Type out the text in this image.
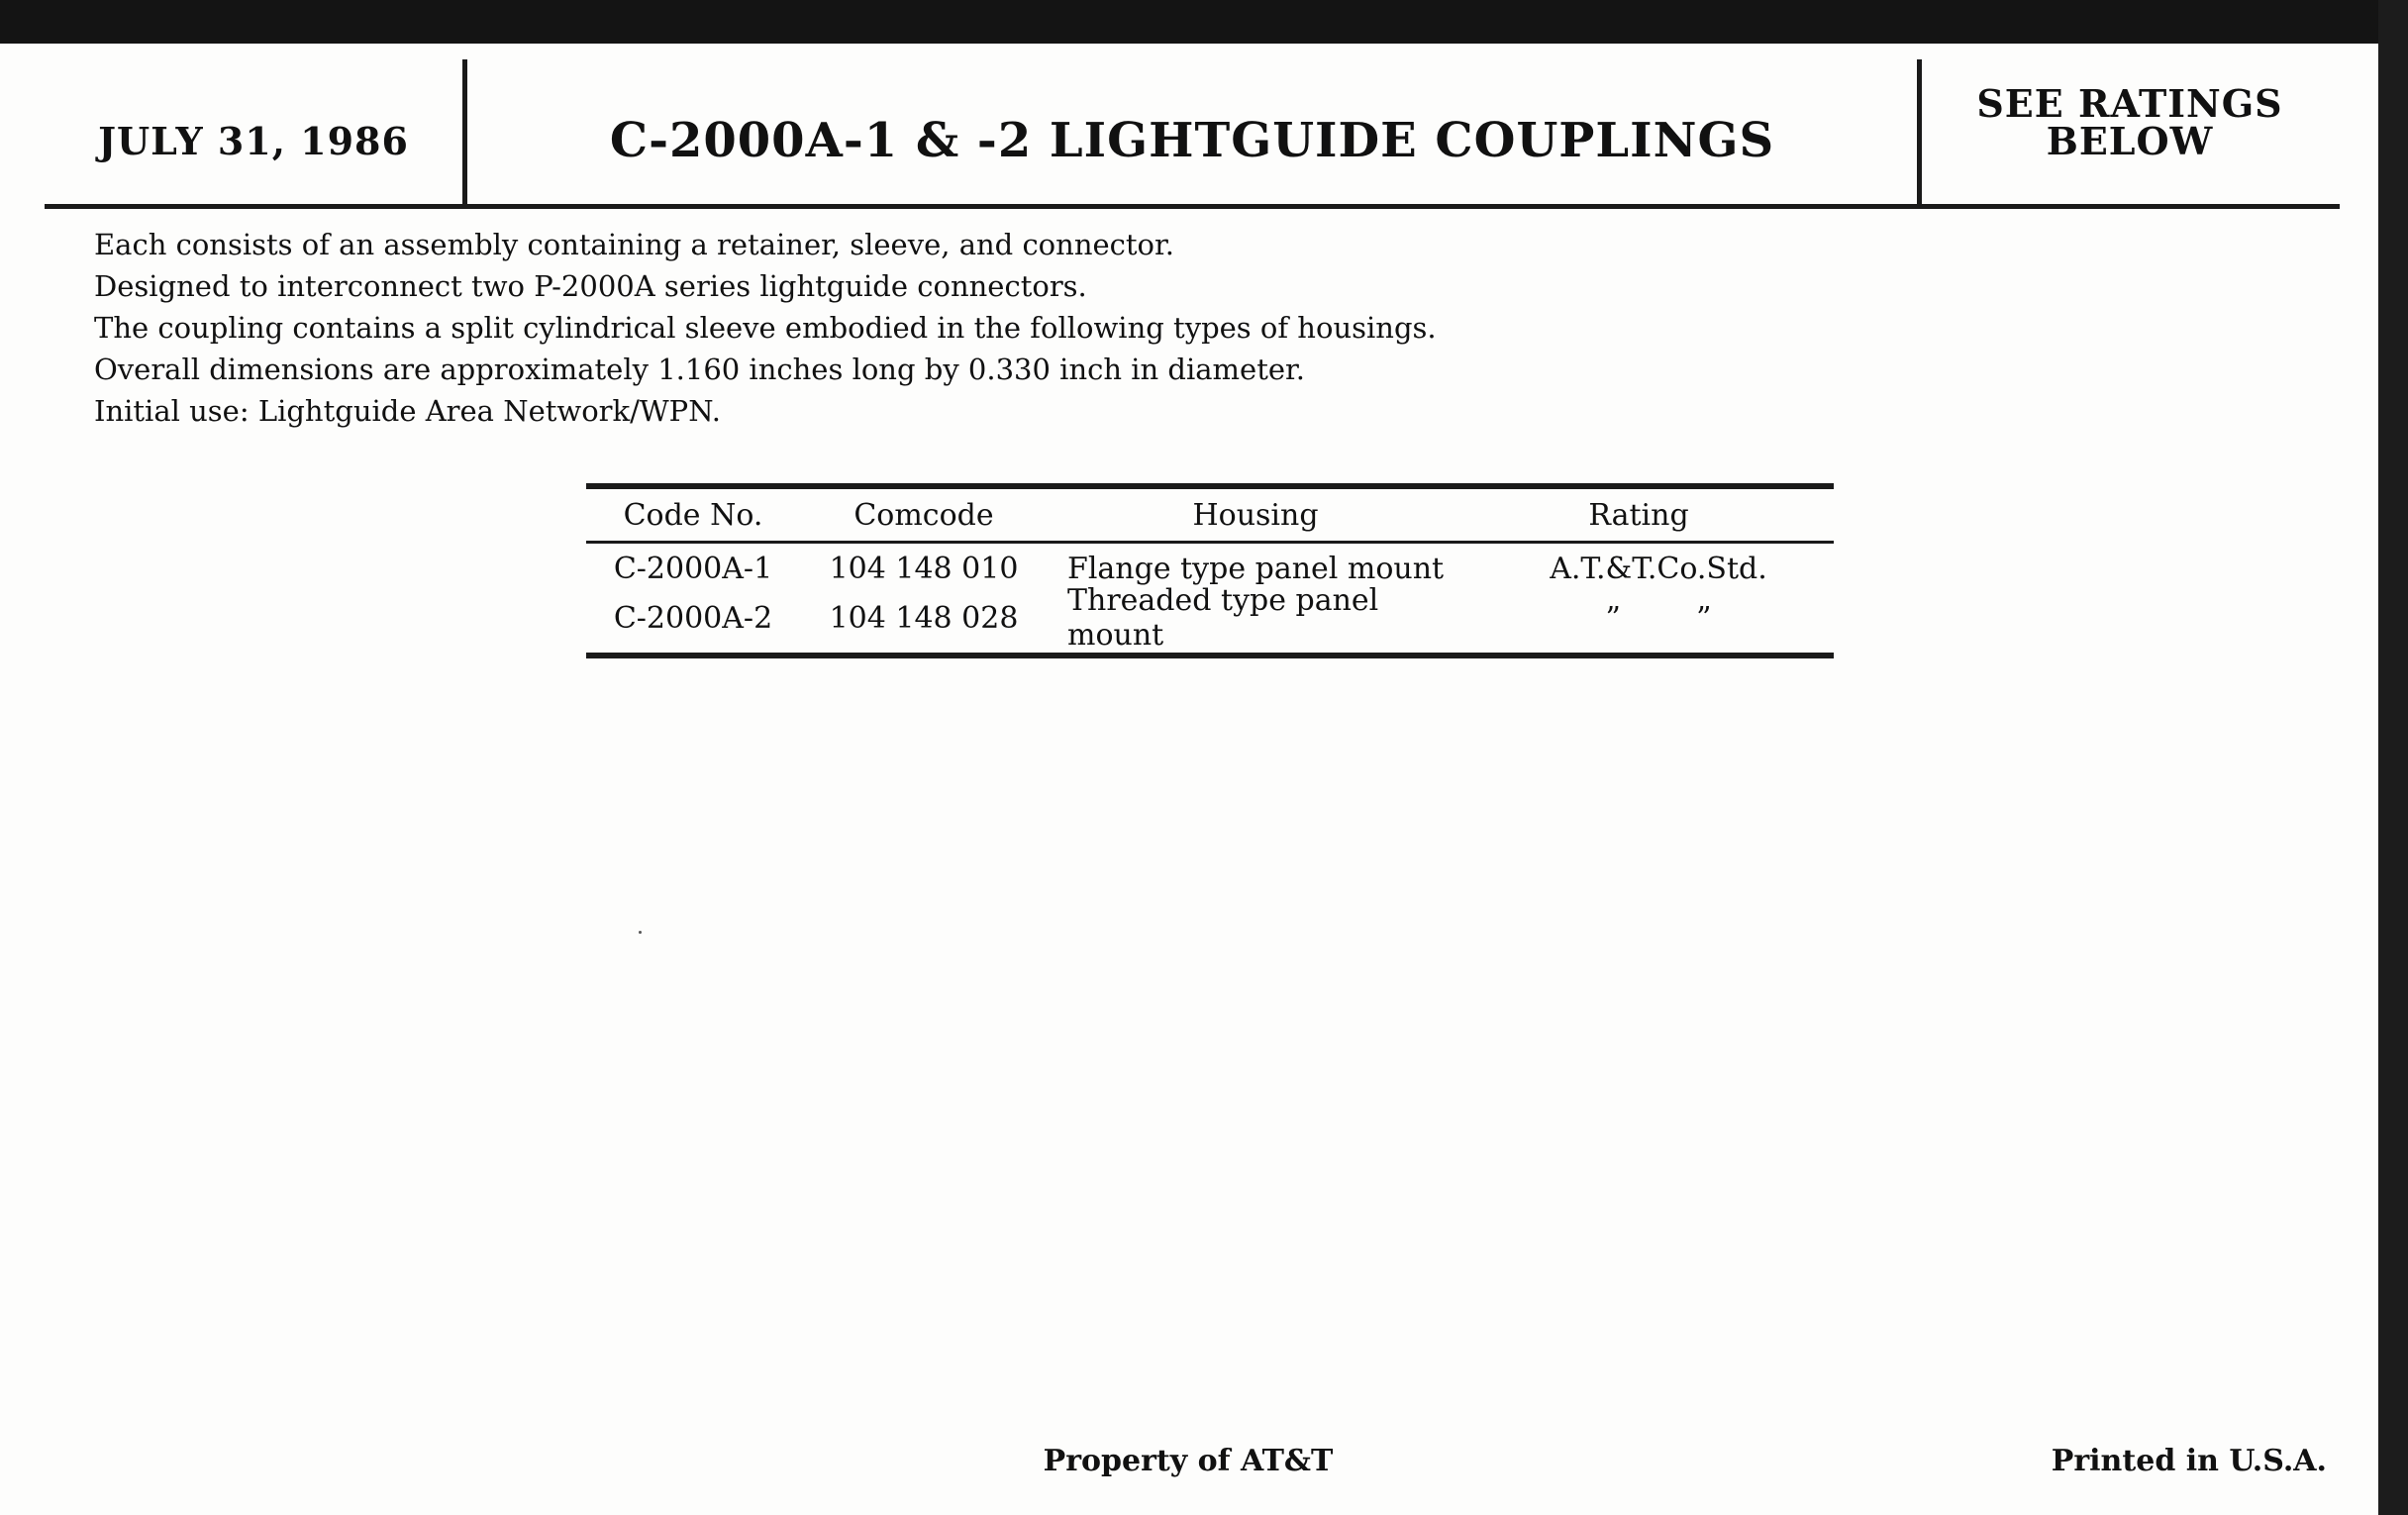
JULY 31, 1986	C-2000A-1 & -2 LIGHTGUIDE COUPLINGS
SEE RATINGS
BELOW
Each consists of an assembly containing a retainer, sleeve, and connector.
Designed to interconnect two P-2000A series lightguide connectors.
The coupling contains a split cylindrical sleeve embodied in the following types of housings.
Overall dimensions are approximately 1.160 inches long by 0.330 inch in diameter.
Initial use: Lightguide Area Network/WPN.
Code No.	Comcode	Housing	Rating
C-2000A-1	104 148 010	Flange type panel mount	A.T.&T.Co.Std.
C-2000A-2	104 148 028	Threaded type panel mount	”        ”
Property of AT&T	Printed in U.S.A.
